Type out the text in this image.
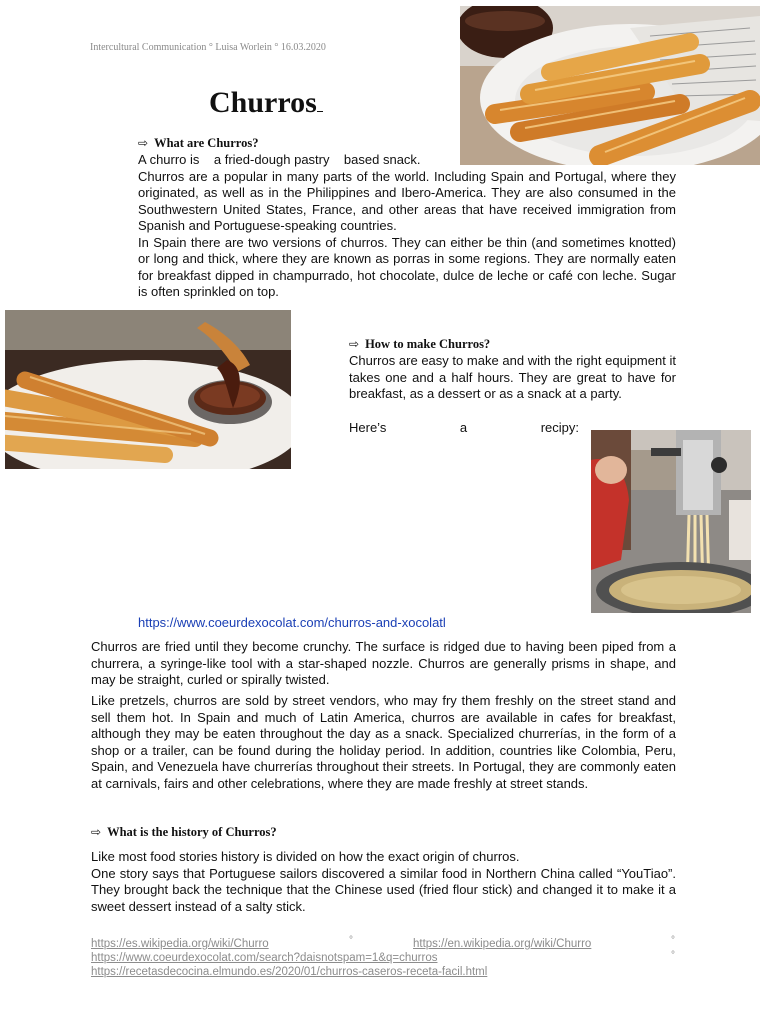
Intercultural Communication ° Luisa Worlein ° 16.03.2020
Churros
⇨ What are Churros?

A churro is    a fried-dough pastry    based snack.

Churros are a popular in many parts of the world. Including Spain and Portugal, where they originated, as well as in the Philippines and Ibero-America. They are also consumed in the Southwestern United States, France, and other areas that have received immigration from Spanish and Portuguese-speaking countries.

In Spain there are two versions of churros. They can either be thin (and sometimes knotted) or long and thick, where they are known as porras in some regions. They are normally eaten for breakfast dipped in champurrado, hot chocolate, dulce de leche or café con leche. Sugar is often sprinkled on top.

⇨ How to make Churros?

Churros are easy to make and with the right equipment it takes one and a half hours. They are great to have for breakfast, as a dessert or as a snack at a party.

Here’s	a	recipy:
https://www.coeurdexocolat.com/churros-and-xocolatl

Churros are fried until they become crunchy. The surface is ridged due to having been piped from a churrera, a syringe-like tool with a star-shaped nozzle. Churros are generally prisms in shape, and may be straight, curled or spirally twisted.

Like pretzels, churros are sold by street vendors, who may fry them freshly on the street stand and sell them hot. In Spain and much of Latin America, churros are available in cafes for breakfast, although they may be eaten throughout the day as a snack. Specialized churrerías, in the form of a shop or a trailer, can be found during the holiday period. In addition, countries like Colombia, Peru, Spain, and Venezuela have churrerías throughout their streets. In Portugal, they are commonly eaten at carnivals, fairs and other celebrations, where they are made freshly at street stands.

⇨ What is the history of Churros?

Like most food stories history is divided on how the exact origin of churros.

One story says that Portuguese sailors discovered a similar food in Northern China called “YouTiao”. They brought back the technique that the Chinese used (fried flour stick) and changed it to make it a sweet dessert instead of a salty stick.

https://es.wikipedia.org/wiki/Churro	°	https://en.wikipedia.org/wiki/Churro	°
https://www.coeurdexocolat.com/search?daisnotspam=1&q=churros	°
https://recetasdecocina.elmundo.es/2020/01/churros-caseros-receta-facil.html
